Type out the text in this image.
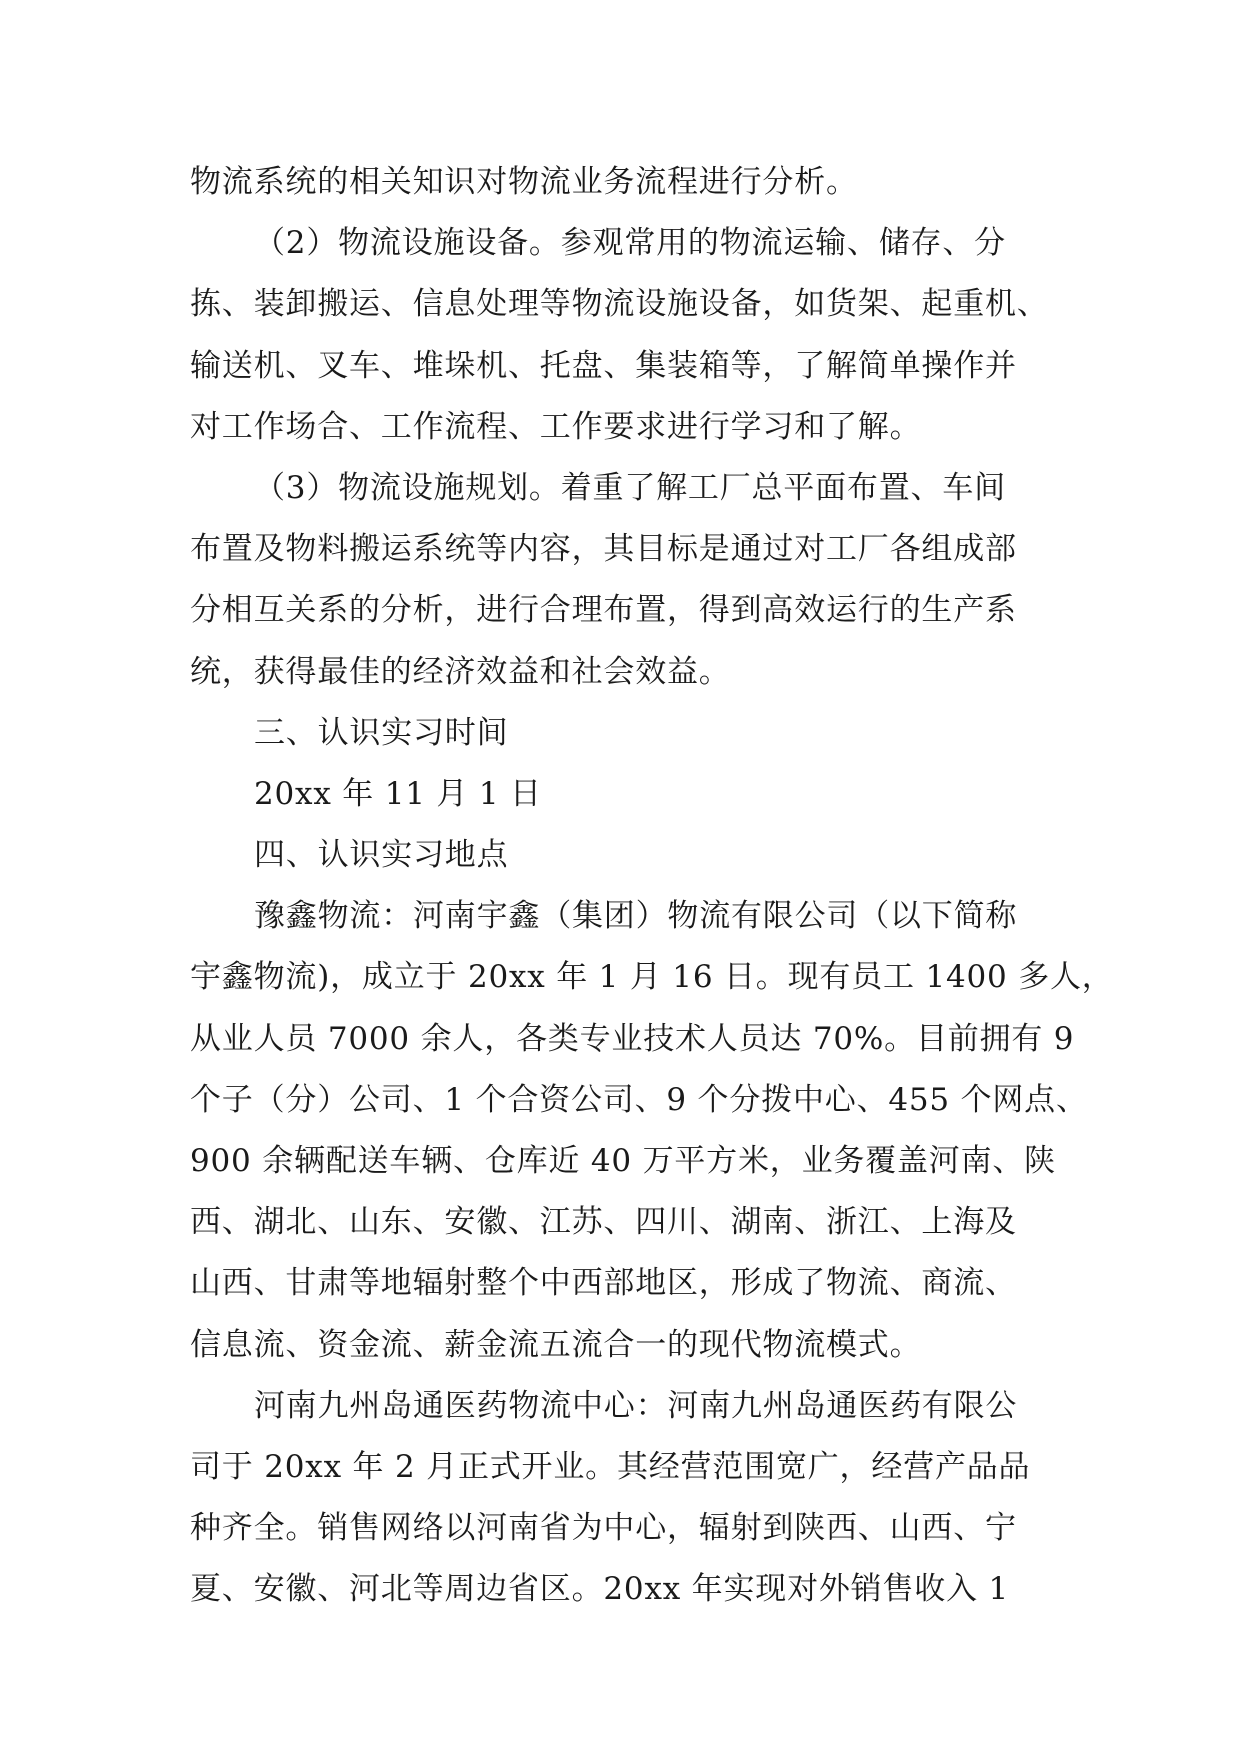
物流系统的相关知识对物流业务流程进行分析。
（2）物流设施设备。参观常用的物流运输、储存、分
拣、装卸搬运、信息处理等物流设施设备，如货架、起重机、
输送机、叉车、堆垛机、托盘、集装箱等，了解简单操作并
对工作场合、工作流程、工作要求进行学习和了解。
（3）物流设施规划。着重了解工厂总平面布置、车间
布置及物料搬运系统等内容，其目标是通过对工厂各组成部
分相互关系的分析，进行合理布置，得到高效运行的生产系
统，获得最佳的经济效益和社会效益。
三、认识实习时间
20xx 年 11 月 1 日
四、认识实习地点
豫鑫物流：河南宇鑫（集团）物流有限公司（以下简称
宇鑫物流)，成立于 20xx 年 1 月 16 日。现有员工 1400 多人，
从业人员 7000 余人，各类专业技术人员达 70%。目前拥有 9
个子（分）公司、1 个合资公司、9 个分拨中心、455 个网点、
900 余辆配送车辆、仓库近 40 万平方米，业务覆盖河南、陕
西、湖北、山东、安徽、江苏、四川、湖南、浙江、上海及
山西、甘肃等地辐射整个中西部地区，形成了物流、商流、
信息流、资金流、薪金流五流合一的现代物流模式。
河南九州岛通医药物流中心：河南九州岛通医药有限公
司于 20xx 年 2 月正式开业。其经营范围宽广，经营产品品
种齐全。销售网络以河南省为中心，辐射到陕西、山西、宁
夏、安徽、河北等周边省区。20xx 年实现对外销售收入 1
